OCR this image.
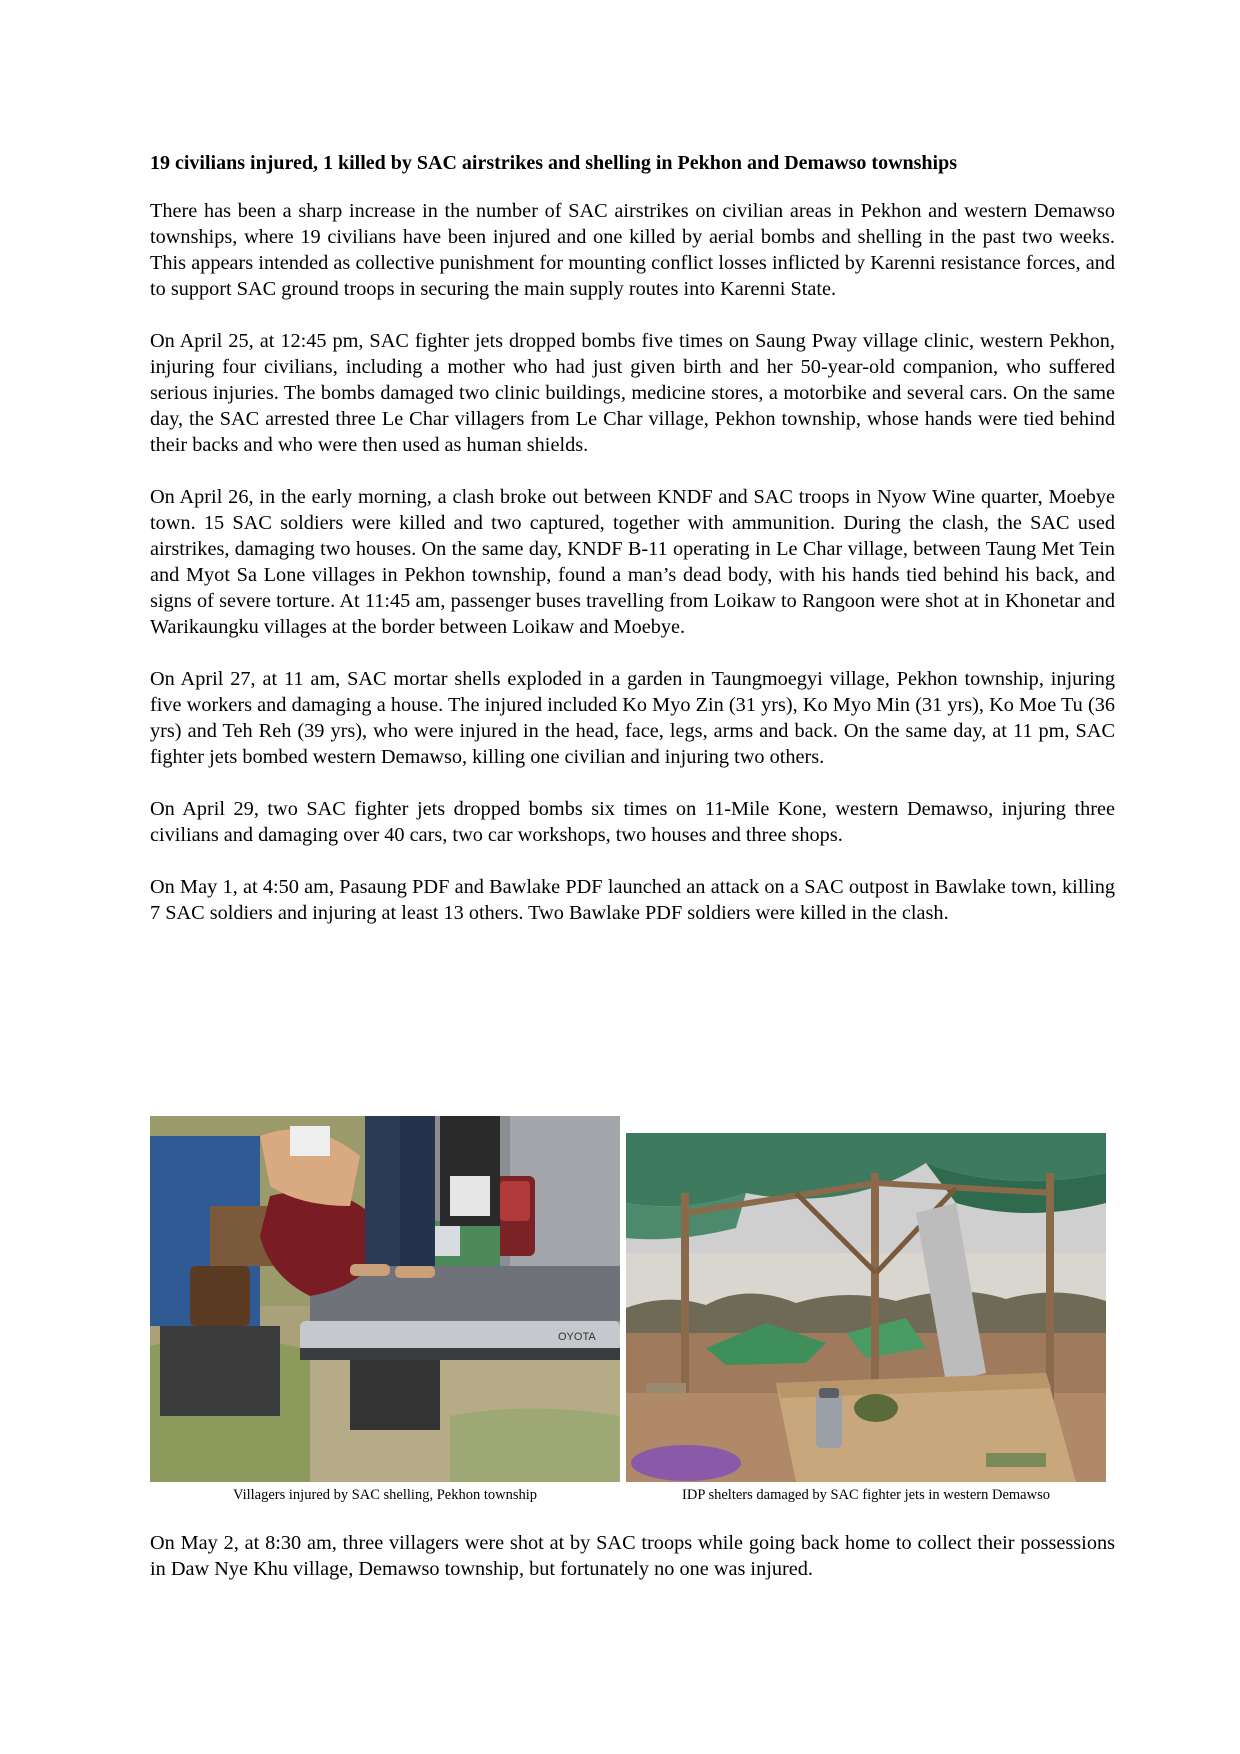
19 civilians injured, 1 killed by SAC airstrikes and shelling in Pekhon and Demawso townships

There has been a sharp increase in the number of SAC airstrikes on civilian areas in Pekhon and western Demawso townships, where 19 civilians have been injured and one killed by aerial bombs and shelling in the past two weeks. This appears intended as collective punishment for mounting conflict losses inflicted by Karenni resistance forces, and to support SAC ground troops in securing the main supply routes into Karenni State.

On April 25, at 12:45 pm, SAC fighter jets dropped bombs five times on Saung Pway village clinic, western Pekhon, injuring four civilians, including a mother who had just given birth and her 50-year-old companion, who suffered serious injuries. The bombs damaged two clinic buildings, medicine stores, a motorbike and several cars. On the same day, the SAC arrested three Le Char villagers from Le Char village, Pekhon township, whose hands were tied behind their backs and who were then used as human shields.

On April 26, in the early morning, a clash broke out between KNDF and SAC troops in Nyow Wine quarter, Moebye town. 15 SAC soldiers were killed and two captured, together with ammunition. During the clash, the SAC used airstrikes, damaging two houses. On the same day, KNDF B-11 operating in Le Char village, between Taung Met Tein and Myot Sa Lone villages in Pekhon township, found a man’s dead body, with his hands tied behind his back, and signs of severe torture. At 11:45 am, passenger buses travelling from Loikaw to Rangoon were shot at in Khonetar and Warikaungku villages at the border between Loikaw and Moebye.

On April 27, at 11 am, SAC mortar shells exploded in a garden in Taungmoegyi village, Pekhon township, injuring five workers and damaging a house. The injured included Ko Myo Zin (31 yrs), Ko Myo Min (31 yrs), Ko Moe Tu (36 yrs) and Teh Reh (39 yrs), who were injured in the head, face, legs, arms and back. On the same day, at 11 pm, SAC fighter jets bombed western Demawso, killing one civilian and injuring two others.

On April 29, two SAC fighter jets dropped bombs six times on 11-Mile Kone, western Demawso, injuring three civilians and damaging over 40 cars, two car workshops, two houses and three shops.

On May 1, at 4:50 am, Pasaung PDF and Bawlake PDF launched an attack on a SAC outpost in Bawlake town, killing 7 SAC soldiers and injuring at least 13 others. Two Bawlake PDF soldiers were killed in the clash.

OYOTA
Villagers injured by SAC shelling, Pekhon township	IDP shelters damaged by SAC fighter jets in western Demawso

On May 2, at 8:30 am, three villagers were shot at by SAC troops while going back home to collect their possessions in Daw Nye Khu village, Demawso township, but fortunately no one was injured.
